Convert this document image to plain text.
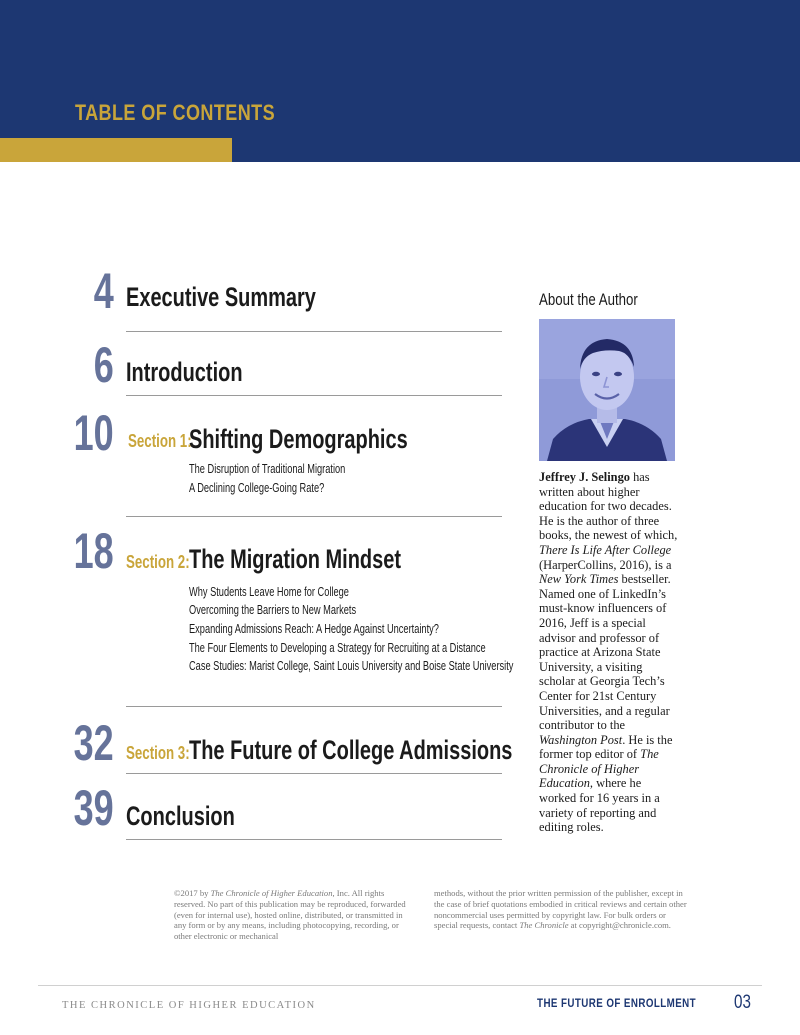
TABLE OF CONTENTS
4 Executive Summary
6 Introduction
10 Section 1:
Shifting Demographics
The Disruption of Traditional Migration
A Declining College-Going Rate?
18 Section 2: The Migration Mindset
Why Students Leave Home for College
Overcoming the Barriers to New Markets
Expanding Admissions Reach: A Hedge Against Uncertainty?
The Four Elements to Developing a Strategy for Recruiting at a Distance
Case Studies: Marist College, Saint Louis University and Boise State University
32 Section 3: The Future of College Admissions
39 Conclusion
About the Author
Jeffrey J. Selingo has written about higher education for two decades. He is the author of three books, the newest of which, There Is Life After College (HarperCollins, 2016), is a New York Times bestseller. Named one of LinkedIn’s must-know influencers of 2016, Jeff is a special advisor and professor of practice at Arizona State University, a visiting scholar at Georgia Tech’s Center for 21st Century Universities, and a regular contributor to the Washington Post. He is the former top editor of The Chronicle of Higher Education, where he worked for 16 years in a variety of reporting and editing roles.
©2017 by The Chronicle of Higher Education, Inc. All rights reserved. No part of this publication may be reproduced, forwarded (even for internal use), hosted online, distributed, or transmitted in any form or by any means, including photocopying, recording, or other electronic or mechanical
methods, without the prior written permission of the publisher, except in the case of brief quotations embodied in critical reviews and certain other noncommercial uses permitted by copyright law. For bulk orders or special requests, contact The Chronicle at copyright@chronicle.com.
THE CHRONICLE OF HIGHER EDUCATION	THE FUTURE OF ENROLLMENT 03
